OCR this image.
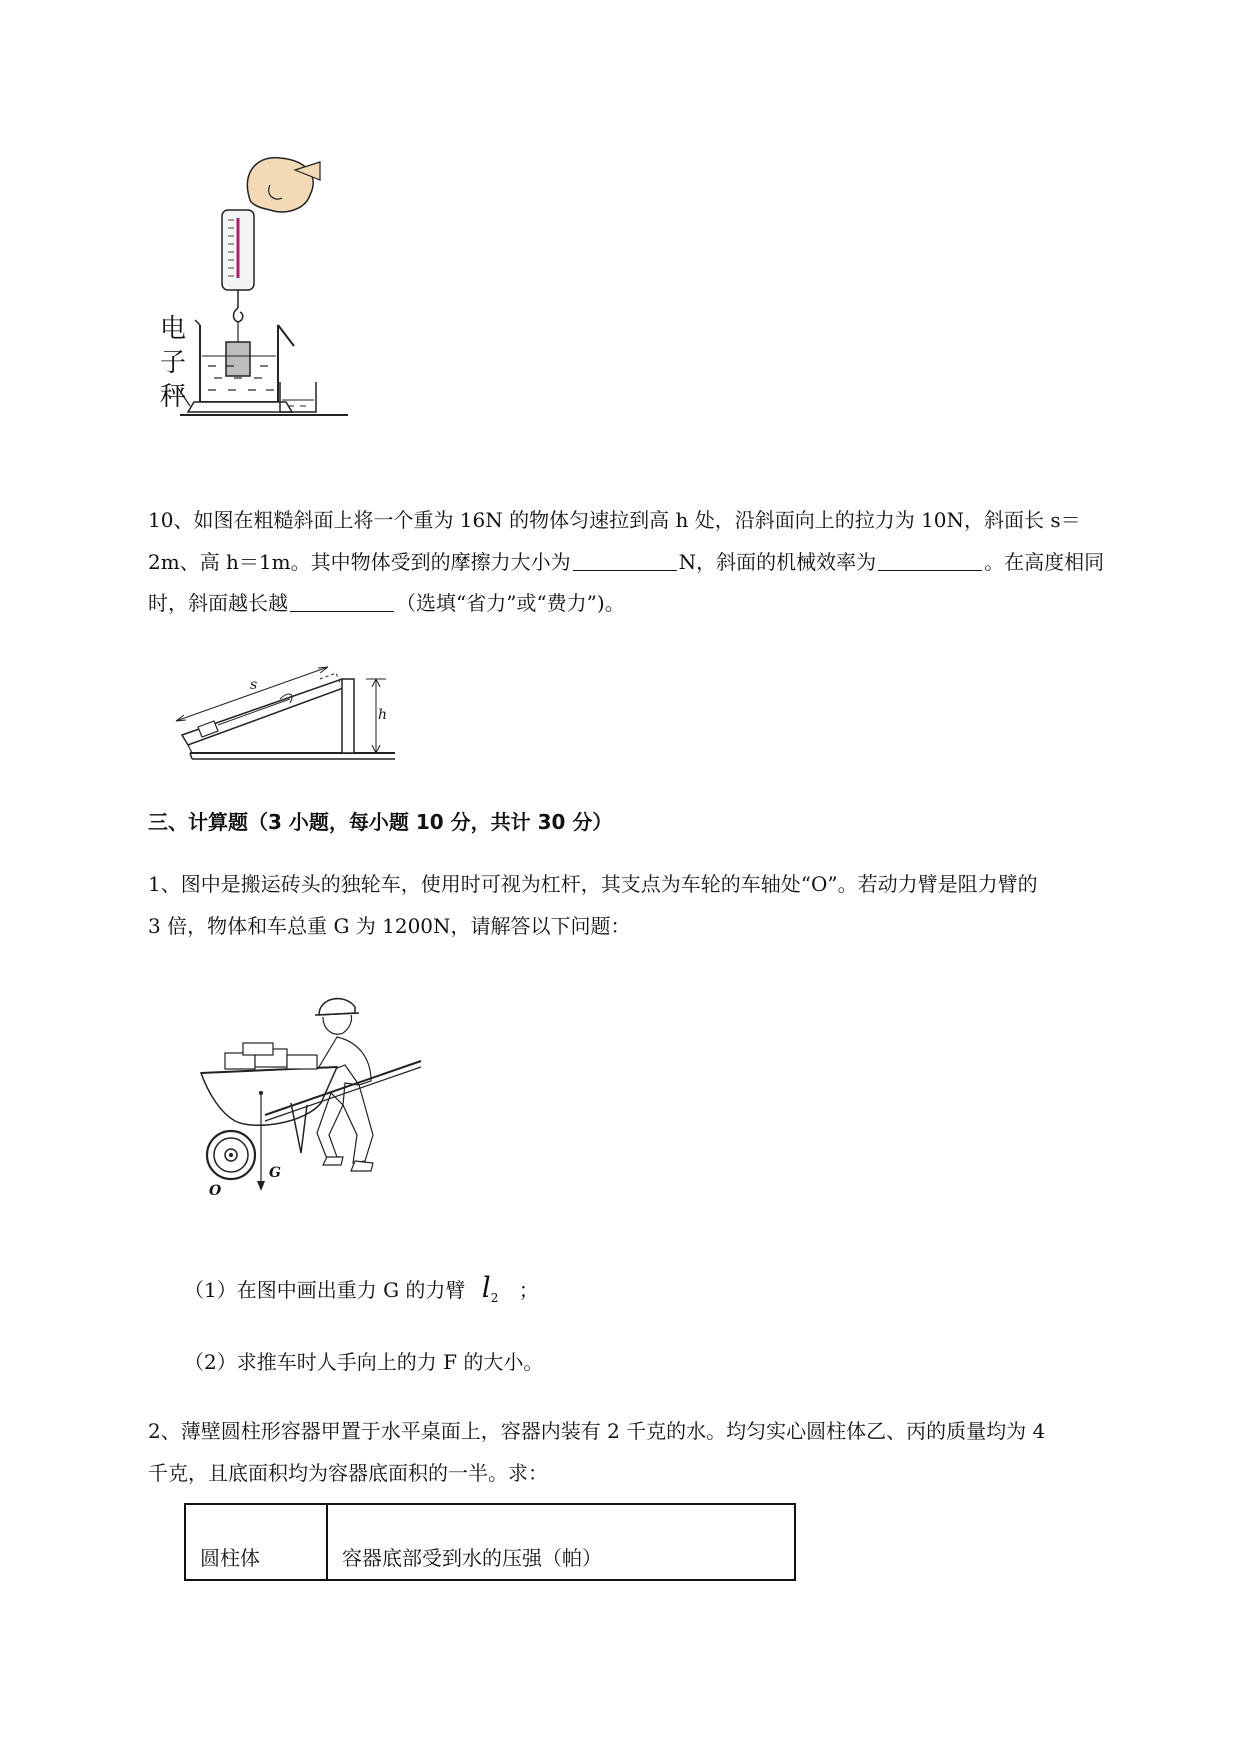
电
子
秤
10、如图在粗糙斜面上将一个重为 16N 的物体匀速拉到高 h 处，沿斜面向上的拉力为 10N，斜面长 s＝
2m、高 h＝1m。其中物体受到的摩擦力大小为	N，斜面的机械效率为	。在高度相同
时，斜面越长越	（选填“省力”或“费力”)。
s
h
三、计算题（3 小题，每小题 10 分，共计 30 分）
1、图中是搬运砖头的独轮车，使用时可视为杠杆，其支点为车轮的车轴处“O”。若动力臂是阻力臂的
3 倍，物体和车总重 G 为 1200N，请解答以下问题：
O
G
（1）在图中画出重力 G 的力臂 $l_2$ ；
（2）求推车时人手向上的力 F 的大小。
2、薄壁圆柱形容器甲置于水平桌面上，容器内装有 2 千克的水。均匀实心圆柱体乙、丙的质量均为 4
千克，且底面积均为容器底面积的一半。求：
圆柱体	容器底部受到水的压强（帕）
